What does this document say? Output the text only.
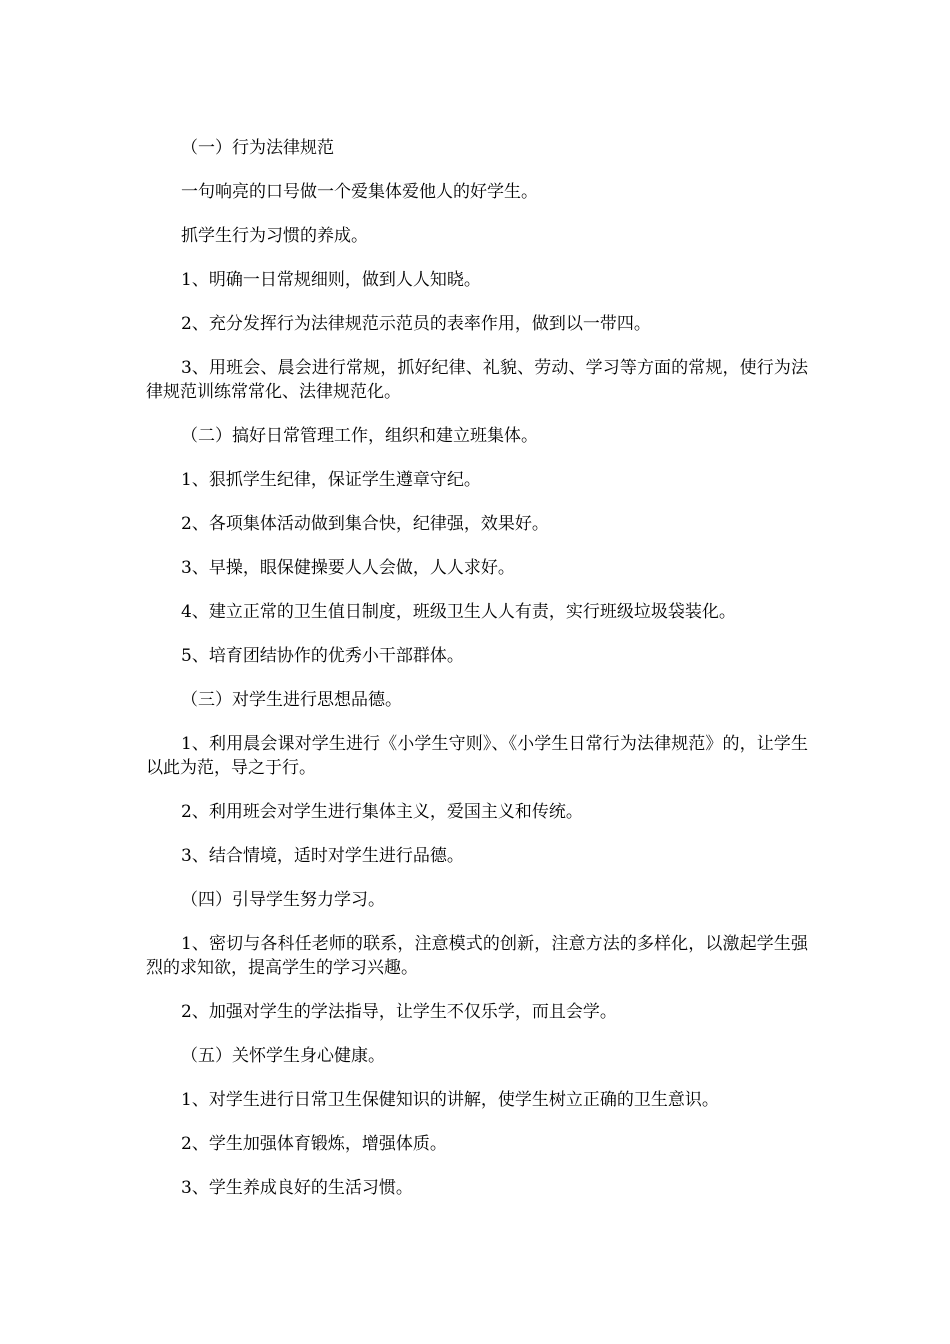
（一）行为法律规范

一句响亮的口号做一个爱集体爱他人的好学生。

抓学生行为习惯的养成。

1、明确一日常规细则，做到人人知晓。

2、充分发挥行为法律规范示范员的表率作用，做到以一带四。

3、用班会、晨会进行常规，抓好纪律、礼貌、劳动、学习等方面的常规，使行为法律规范训练常常化、法律规范化。

（二）搞好日常管理工作，组织和建立班集体。

1、狠抓学生纪律，保证学生遵章守纪。

2、各项集体活动做到集合快，纪律强，效果好。

3、早操，眼保健操要人人会做，人人求好。

4、建立正常的卫生值日制度，班级卫生人人有责，实行班级垃圾袋装化。

5、培育团结协作的优秀小干部群体。

（三）对学生进行思想品德。

1、利用晨会课对学生进行《小学生守则》、《小学生日常行为法律规范》的，让学生以此为范，导之于行。

2、利用班会对学生进行集体主义，爱国主义和传统。

3、结合情境，适时对学生进行品德。

（四）引导学生努力学习。

1、密切与各科任老师的联系，注意模式的创新，注意方法的多样化，以激起学生强烈的求知欲，提高学生的学习兴趣。

2、加强对学生的学法指导，让学生不仅乐学，而且会学。

（五）关怀学生身心健康。

1、对学生进行日常卫生保健知识的讲解，使学生树立正确的卫生意识。

2、学生加强体育锻炼，增强体质。

3、学生养成良好的生活习惯。
